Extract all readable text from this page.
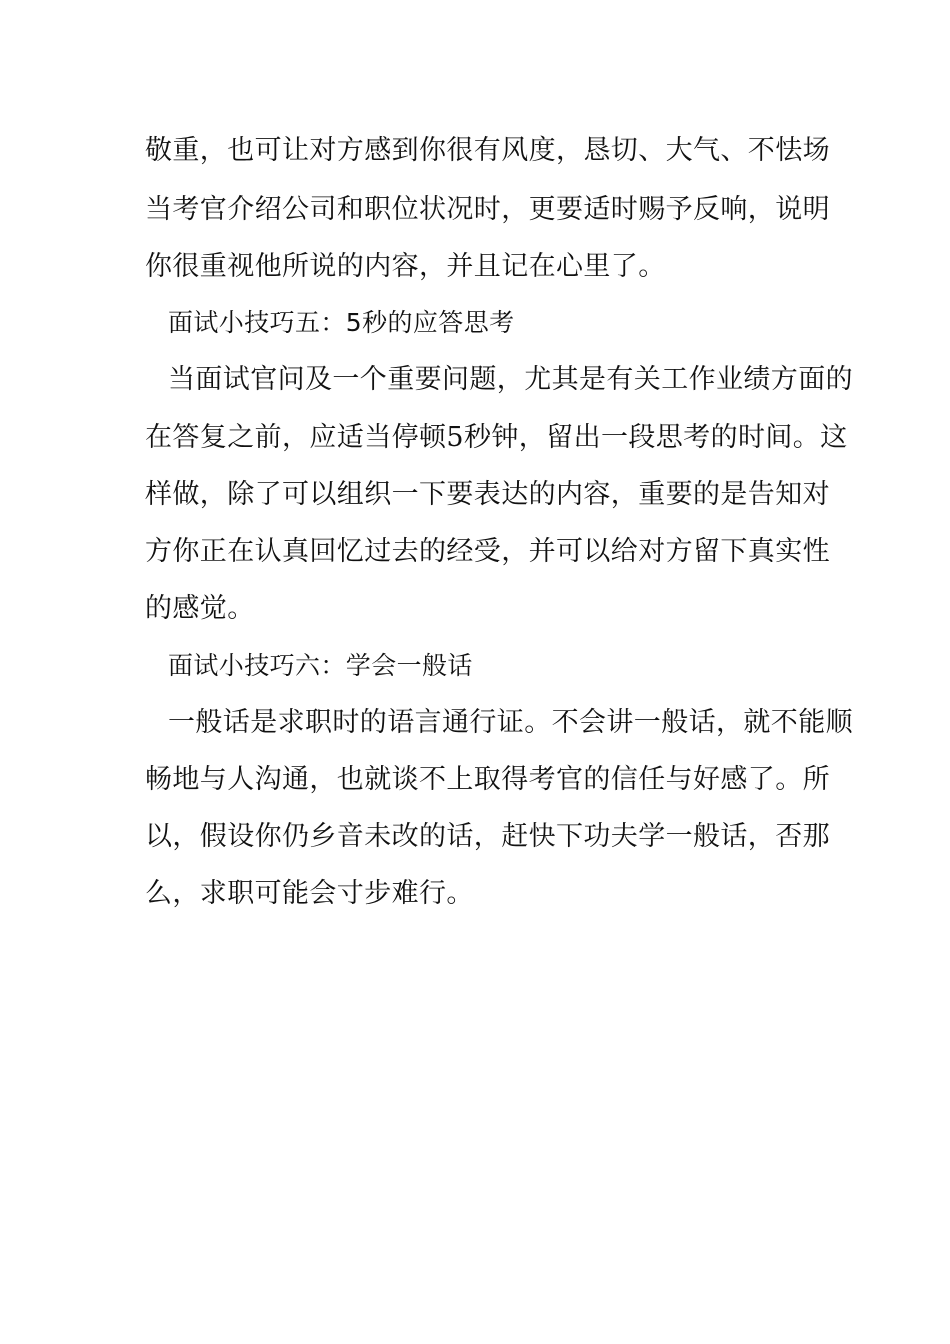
敬重，也可让对方感到你很有风度，恳切、大气、不怯场
当考官介绍公司和职位状况时，更要适时赐予反响，说明
你很重视他所说的内容，并且记在心里了。
面试小技巧五：5秒的应答思考
当面试官问及一个重要问题，尤其是有关工作业绩方面的
在答复之前，应适当停顿5秒钟，留出一段思考的时间。这
样做，除了可以组织一下要表达的内容，重要的是告知对
方你正在认真回忆过去的经受，并可以给对方留下真实性
的感觉。
面试小技巧六：学会一般话
一般话是求职时的语言通行证。不会讲一般话，就不能顺
畅地与人沟通，也就谈不上取得考官的信任与好感了。所
以，假设你仍乡音未改的话，赶快下功夫学一般话，否那
么，求职可能会寸步难行。
